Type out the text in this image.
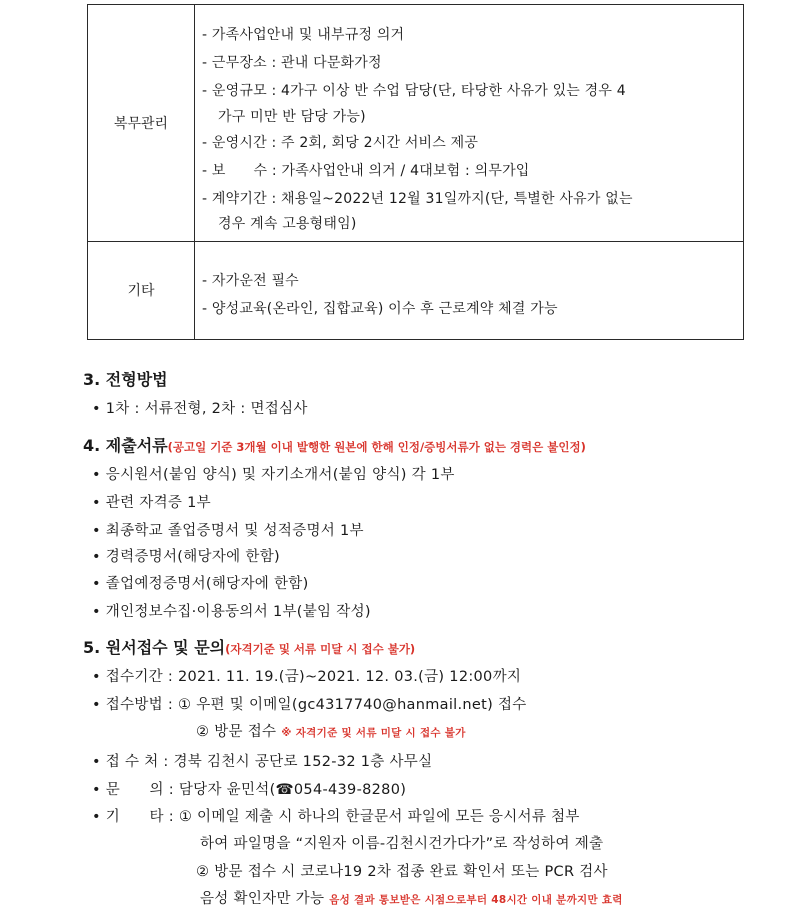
복무관리
- 가족사업안내 및 내부규정 의거
- 근무장소 : 관내 다문화가정
- 운영규모 : 4가구 이상 반 수업 담당(단, 타당한 사유가 있는 경우 4
가구 미만 반 담당 가능)
- 운영시간 : 주 2회, 회당 2시간 서비스 제공
- 보      수 : 가족사업안내 의거 / 4대보험 : 의무가입
- 계약기간 : 채용일~2022년 12월 31일까지(단, 특별한 사유가 없는
경우 계속 고용형태임)
기타
- 자가운전 필수
- 양성교육(온라인, 집합교육) 이수 후 근로계약 체결 가능
3. 전형방법
• 1차 : 서류전형, 2차 : 면접심사
4. 제출서류(공고일 기준 3개월 이내 발행한 원본에 한해 인정/증빙서류가 없는 경력은 불인정)
• 응시원서(붙임 양식) 및 자기소개서(붙임 양식) 각 1부
• 관련 자격증 1부
• 최종학교 졸업증명서 및 성적증명서 1부
• 경력증명서(해당자에 한함)
• 졸업예정증명서(해당자에 한함)
• 개인정보수집·이용동의서 1부(붙임 작성)
5. 원서접수 및 문의(자격기준 및 서류 미달 시 접수 불가)
• 접수기간 : 2021. 11. 19.(금)~2021. 12. 03.(금) 12:00까지
• 접수방법 : ① 우편 및 이메일(gc4317740@hanmail.net) 접수
② 방문 접수 ※ 자격기준 및 서류 미달 시 접수 불가
• 접 수 처 : 경북 김천시 공단로 152-32 1층 사무실
• 문      의 : 담당자 윤민석(☎054-439-8280)
• 기      타 : ① 이메일 제출 시 하나의 한글문서 파일에 모든 응시서류 첨부
하여 파일명을 “지원자 이름-김천시건가다가”로 작성하여 제출
② 방문 접수 시 코로나19 2차 접종 완료 확인서 또는 PCR 검사
음성 확인자만 가능 음성 결과 통보받은 시점으로부터 48시간 이내 분까지만 효력
